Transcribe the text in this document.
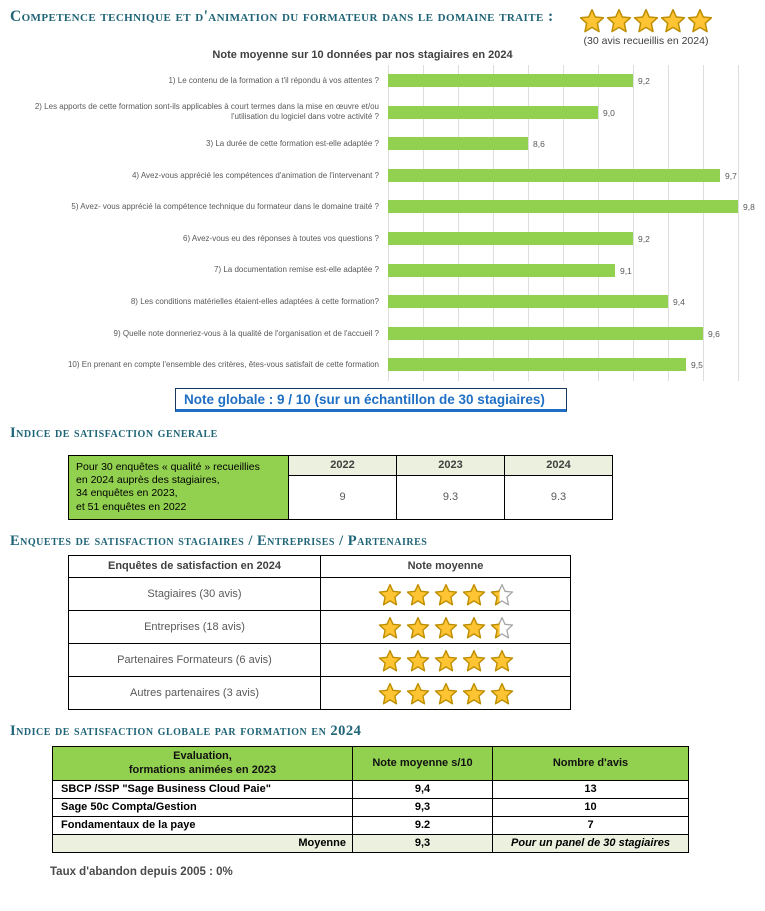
Competence technique et d'animation du formateur dans le domaine traite :
(30 avis recueillis en 2024)
Note moyenne sur 10 données par nos stagiaires en 2024
1) Le contenu de la formation a t'il répondu à vos attentes ?	9,2
2) Les apports de cette formation sont-ils applicables à court termes dans la mise en œuvre et/ou l'utilisation du logiciel dans votre activité ?	9,0
3) La durée de cette formation est-elle adaptée ?	8,6
4) Avez-vous apprécié les compétences d'animation de l'intervenant ?	9,7
5) Avez- vous apprécié la compétence technique du formateur dans le domaine traité ?	9,8
6) Avez-vous eu des réponses à toutes vos questions ?	9,2
7) La documentation remise est-elle adaptée ?	9,1
8) Les conditions matérielles étaient-elles adaptées à cette formation?	9,4
9) Quelle note donneriez-vous à la qualité de l'organisation et de l'accueil ?	9,6
10) En prenant en compte l'ensemble des critères, êtes-vous satisfait de cette formation	9,5
Note globale : 9 / 10 (sur un échantillon de 30 stagiaires)
Indice de satisfaction generale
Pour 30 enquêtes « qualité » recueillies
en 2024 auprès des stagiaires,
34 enquêtes en 2023,
et 51 enquêtes en 2022	2022	2023	2024
	9	9.3	9.3
Enquetes de satisfaction stagiaires / Entreprises / Partenaires
Enquêtes de satisfaction en 2024	Note moyenne
Stagiaires (30 avis)	

Entreprises (18 avis)	

Partenaires Formateurs (6 avis)	

Autres partenaires (3 avis)	
Indice de satisfaction globale par formation en 2024
Evaluation,
formations animées en 2023	Note moyenne s/10	Nombre d'avis
SBCP /SSP "Sage Business Cloud Paie"	9,4	13
Sage 50c Compta/Gestion	9,3	10
Fondamentaux de la paye	9.2	7
Moyenne	9,3	Pour un panel de 30 stagiaires
Taux d'abandon depuis 2005 : 0%
